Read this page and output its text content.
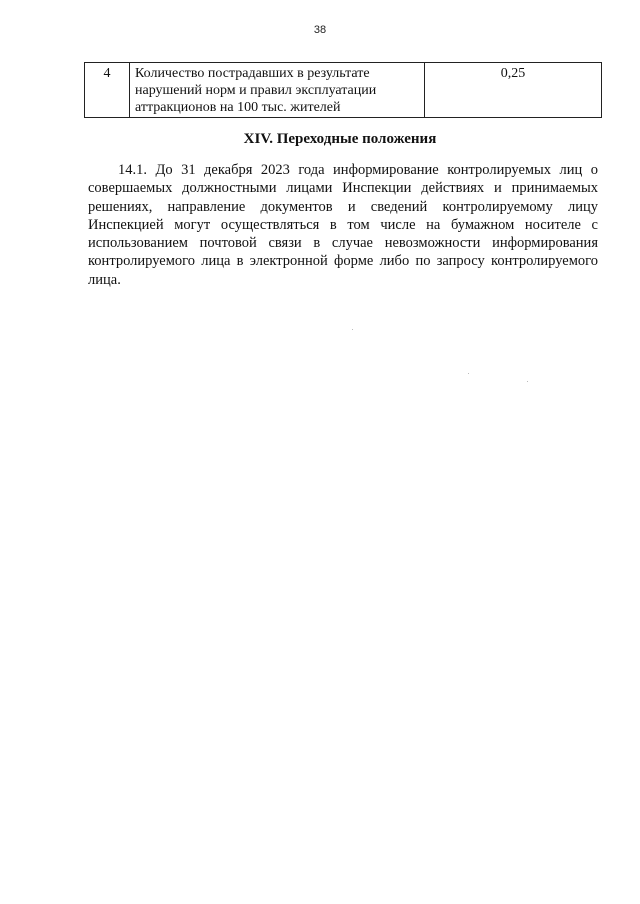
38
4	Количество пострадавших в результате нарушений норм и правил эксплуатации аттракционов на 100 тыс. жителей	0,25
XIV. Переходные положения

14.1. До 31 декабря 2023 года информирование контролируемых лиц о совершаемых должностными лицами Инспекции действиях и принимаемых решениях, направление документов и сведений контролируемому лицу Инспекцией могут осуществляться в том числе на бумажном носителе с использованием почтовой связи в случае невозможности информирования контролируемого лица в электронной форме либо по запросу контролируемого лица.
